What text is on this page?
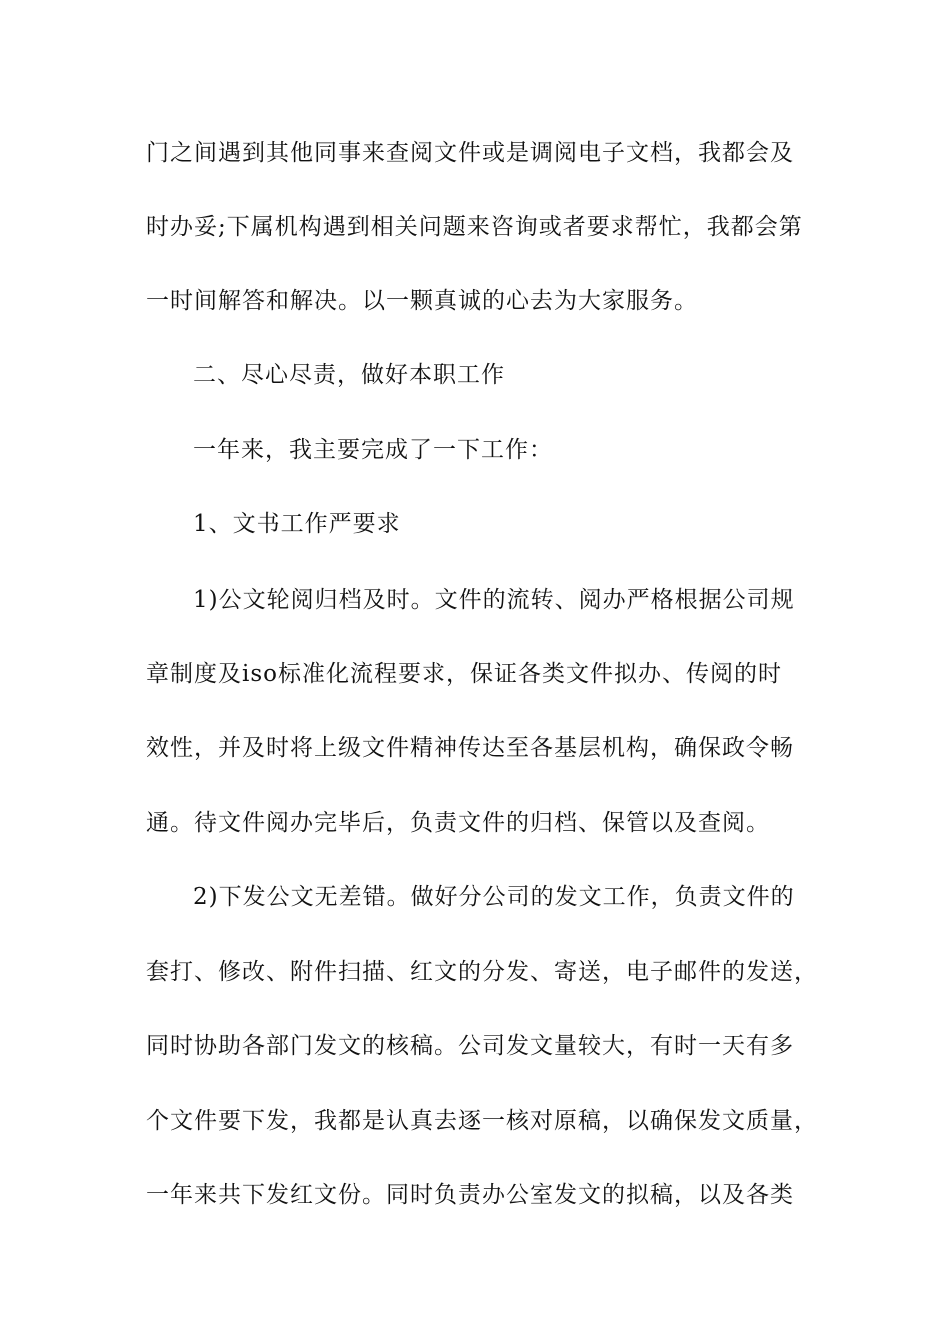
门之间遇到其他同事来查阅文件或是调阅电子文档，我都会及
时办妥;下属机构遇到相关问题来咨询或者要求帮忙，我都会第
一时间解答和解决。以一颗真诚的心去为大家服务。
二、尽心尽责，做好本职工作
一年来，我主要完成了一下工作：
1、文书工作严要求
1)公文轮阅归档及时。文件的流转、阅办严格根据公司规
章制度及iso标准化流程要求，保证各类文件拟办、传阅的时
效性，并及时将上级文件精神传达至各基层机构，确保政令畅
通。待文件阅办完毕后，负责文件的归档、保管以及查阅。
2)下发公文无差错。做好分公司的发文工作，负责文件的
套打、修改、附件扫描、红文的分发、寄送，电子邮件的发送，
同时协助各部门发文的核稿。公司发文量较大，有时一天有多
个文件要下发，我都是认真去逐一核对原稿，以确保发文质量，
一年来共下发红文份。同时负责办公室发文的拟稿，以及各类
